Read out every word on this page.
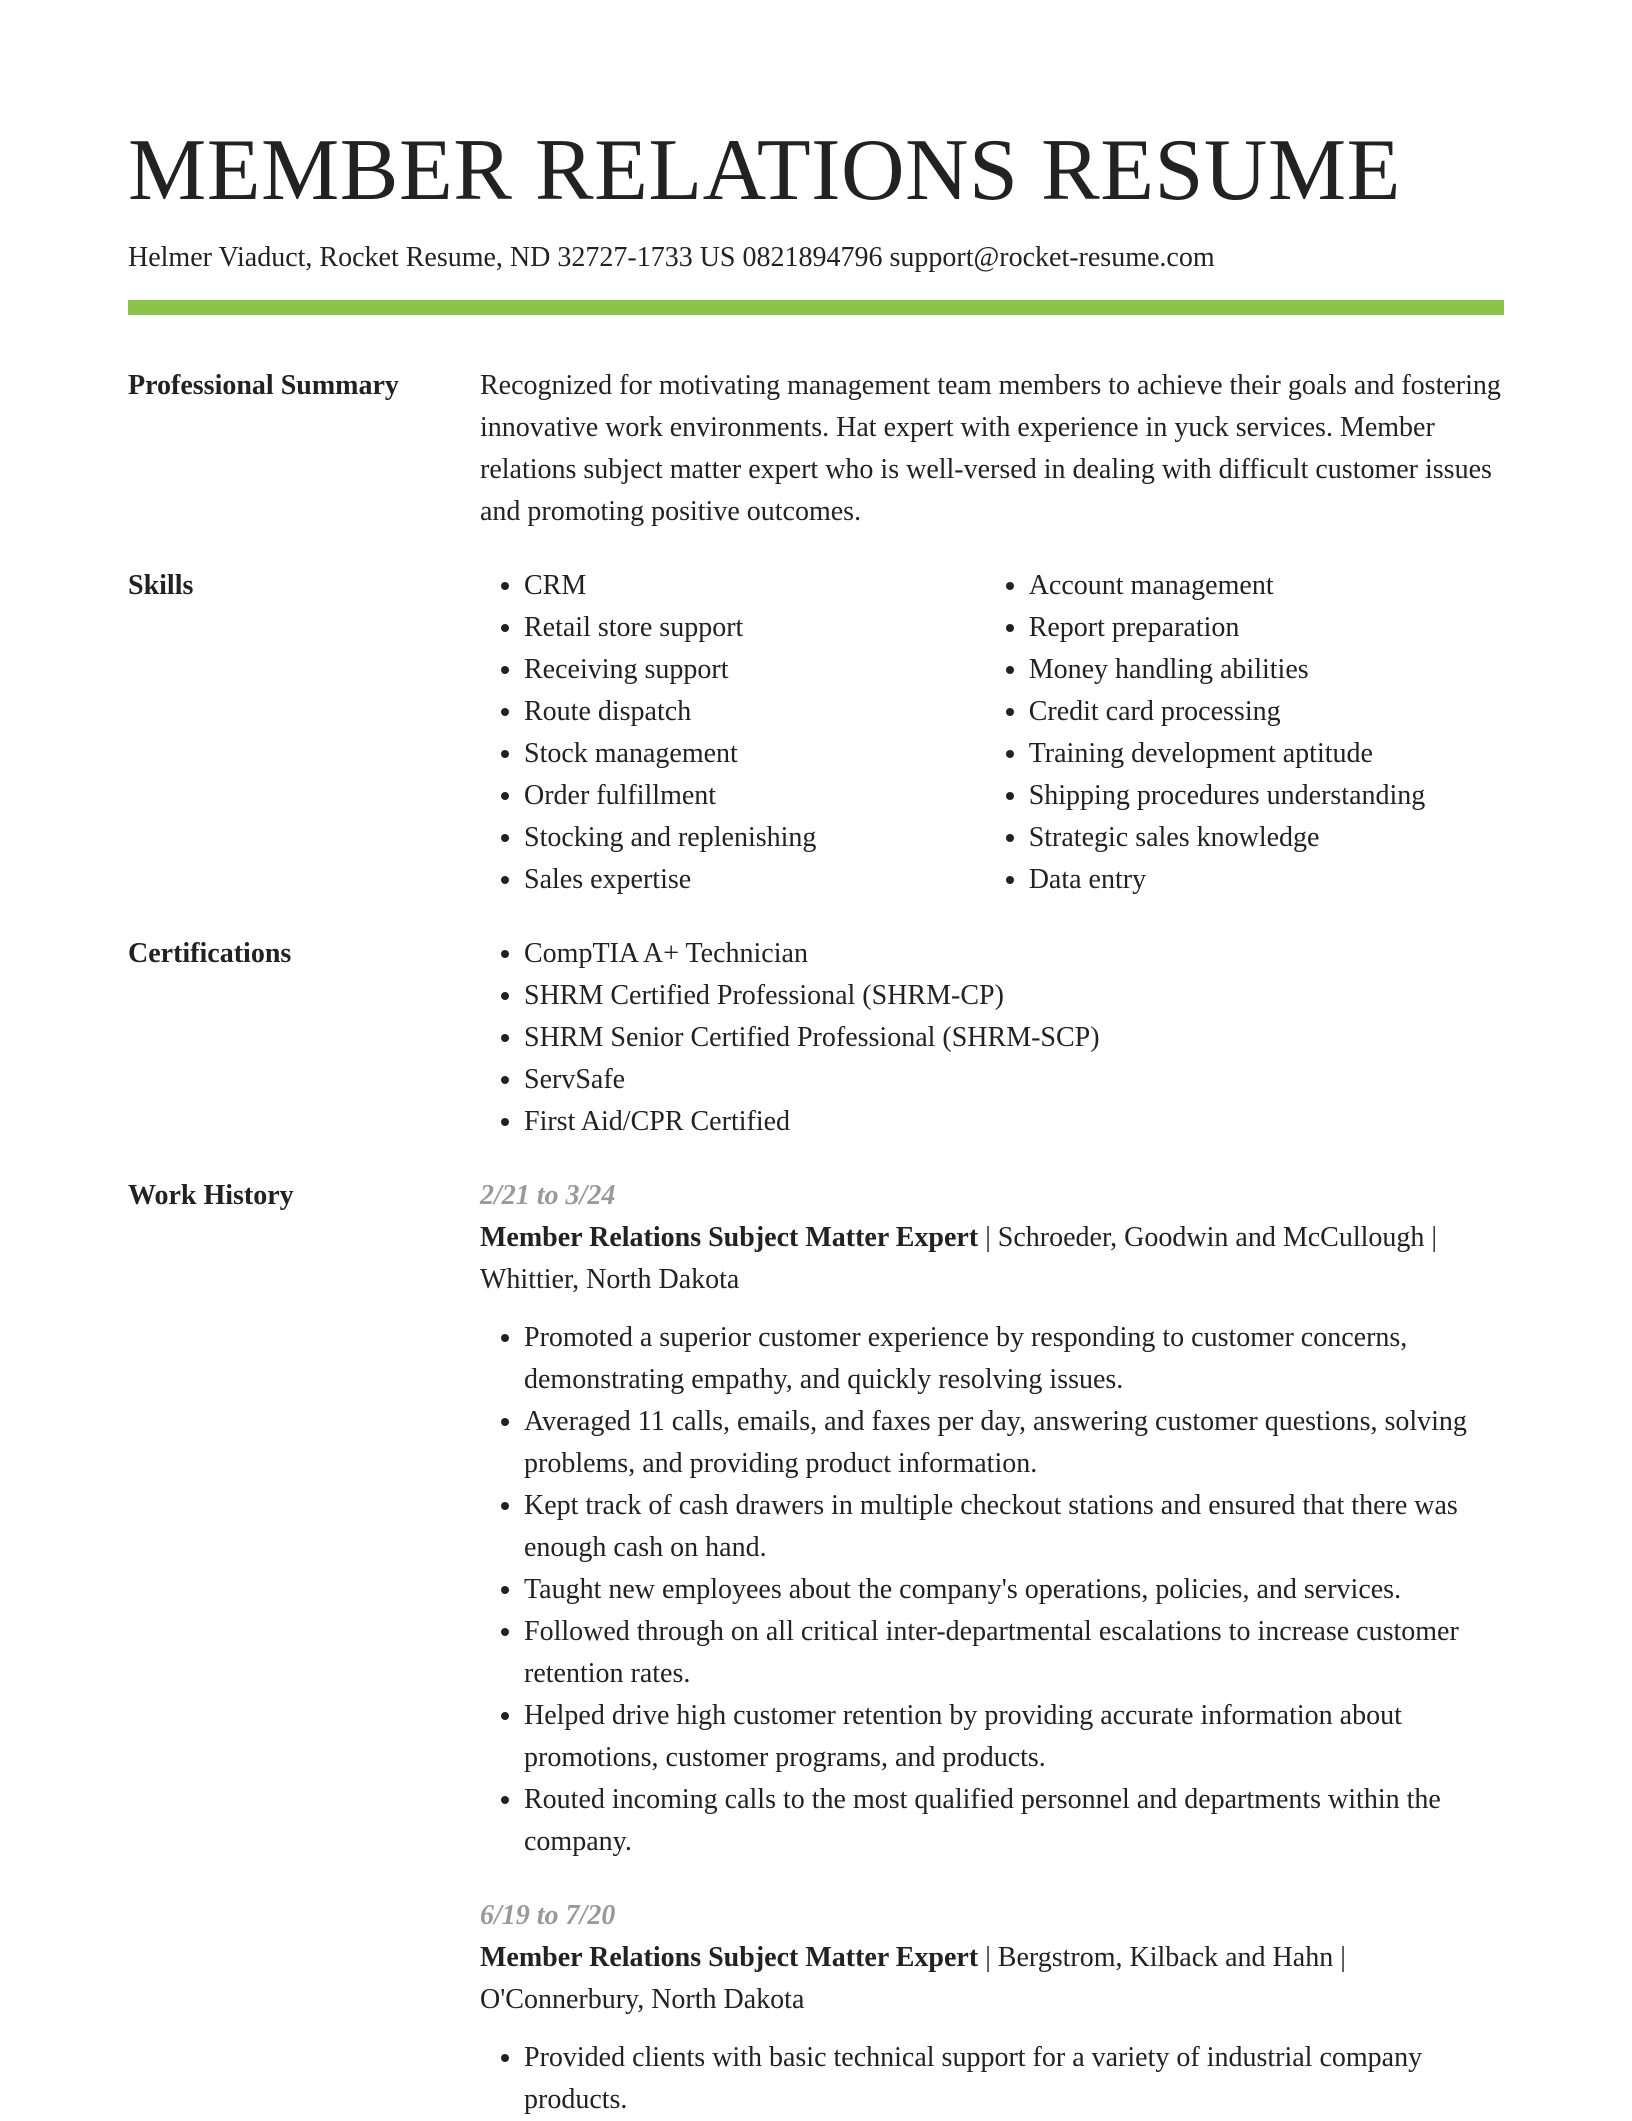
MEMBER RELATIONS RESUME
Helmer Viaduct, Rocket Resume, ND 32727-1733 US 0821894796 support@rocket-resume.com
Professional Summary	Recognized for motivating management team members to achieve their goals and fostering innovative work environments. Hat expert with experience in yuck services. Member relations subject matter expert who is well-versed in dealing with difficult customer issues and promoting positive outcomes.

Skills	• CRM
• Retail store support
• Receiving support
• Route dispatch
• Stock management
• Order fulfillment
• Stocking and replenishing
• Sales expertise
• Account management
• Report preparation
• Money handling abilities
• Credit card processing
• Training development aptitude
• Shipping procedures understanding
• Strategic sales knowledge
• Data entry
Certifications	• CompTIA A+ Technician
• SHRM Certified Professional (SHRM-CP)
• SHRM Senior Certified Professional (SHRM-SCP)
• ServSafe
• First Aid/CPR Certified
Work History	2/21 to 3/24
Member Relations Subject Matter Expert | Schroeder, Goodwin and McCullough | Whittier, North Dakota
• Promoted a superior customer experience by responding to customer concerns, demonstrating empathy, and quickly resolving issues.
• Averaged 11 calls, emails, and faxes per day, answering customer questions, solving problems, and providing product information.
• Kept track of cash drawers in multiple checkout stations and ensured that there was enough cash on hand.
• Taught new employees about the company's operations, policies, and services.
• Followed through on all critical inter-departmental escalations to increase customer retention rates.
• Helped drive high customer retention by providing accurate information about promotions, customer programs, and products.
• Routed incoming calls to the most qualified personnel and departments within the company.
6/19 to 7/20
Member Relations Subject Matter Expert | Bergstrom, Kilback and Hahn | O'Connerbury, North Dakota
• Provided clients with basic technical support for a variety of industrial company products.
